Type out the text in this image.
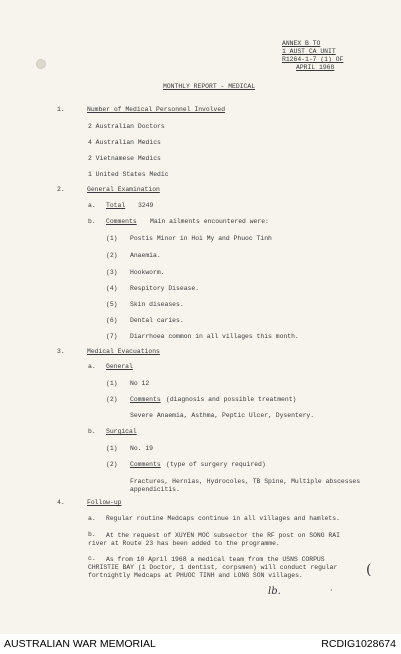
ANNEX B TO
1 AUST CA UNIT
R1264-1-7 (1) OF
APRIL 1968
MONTHLY REPORT - MEDICAL
1.	Number of Medical Personnel Involved
2 Australian Doctors
4 Australian Medics
2 Vietnamese Medics
1 United States Medic
2.	General Examination
a. Total 3249
b. Comments Main ailments encountered were:
(1) Postis Minor in Hoi My and Phuoc Tinh
(2) Anaemia.
(3) Hookworm.
(4) Respitory Disease.
(5) Skin diseases.
(6) Dental caries.
(7) Diarrhoea common in all villages this month.
3.	Medical Evacuations
a. General
(1) No 12
(2) Comments (diagnosis and possible treatment)
Severe Anaemia, Asthma, Peptic Ulcer, Dysentery.
b. Surgical
(1) No. 19
(2) Comments (type of surgery required)
Fractures, Hernias, Hydrocoles, TB Spine, Multiple abscesses appendicitis.
4.	Follow-up
a. Regular routine Medcaps continue in all villages and hamlets.
b.	At the request of XUYEN MOC subsector the RF post on SONG RAI river at Route 23 has been added to the programme.
c.	As from 10 April 1968 a medical team from the USNS CORPUS CHRISTIE BAY (1 Doctor, 1 dentist, corpsmen) will conduct regular fortnightly Medcaps at PHUOC TINH and LONG SON villages.	(
lb.	·
AUSTRALIAN WAR MEMORIAL	RCDIG1028674
